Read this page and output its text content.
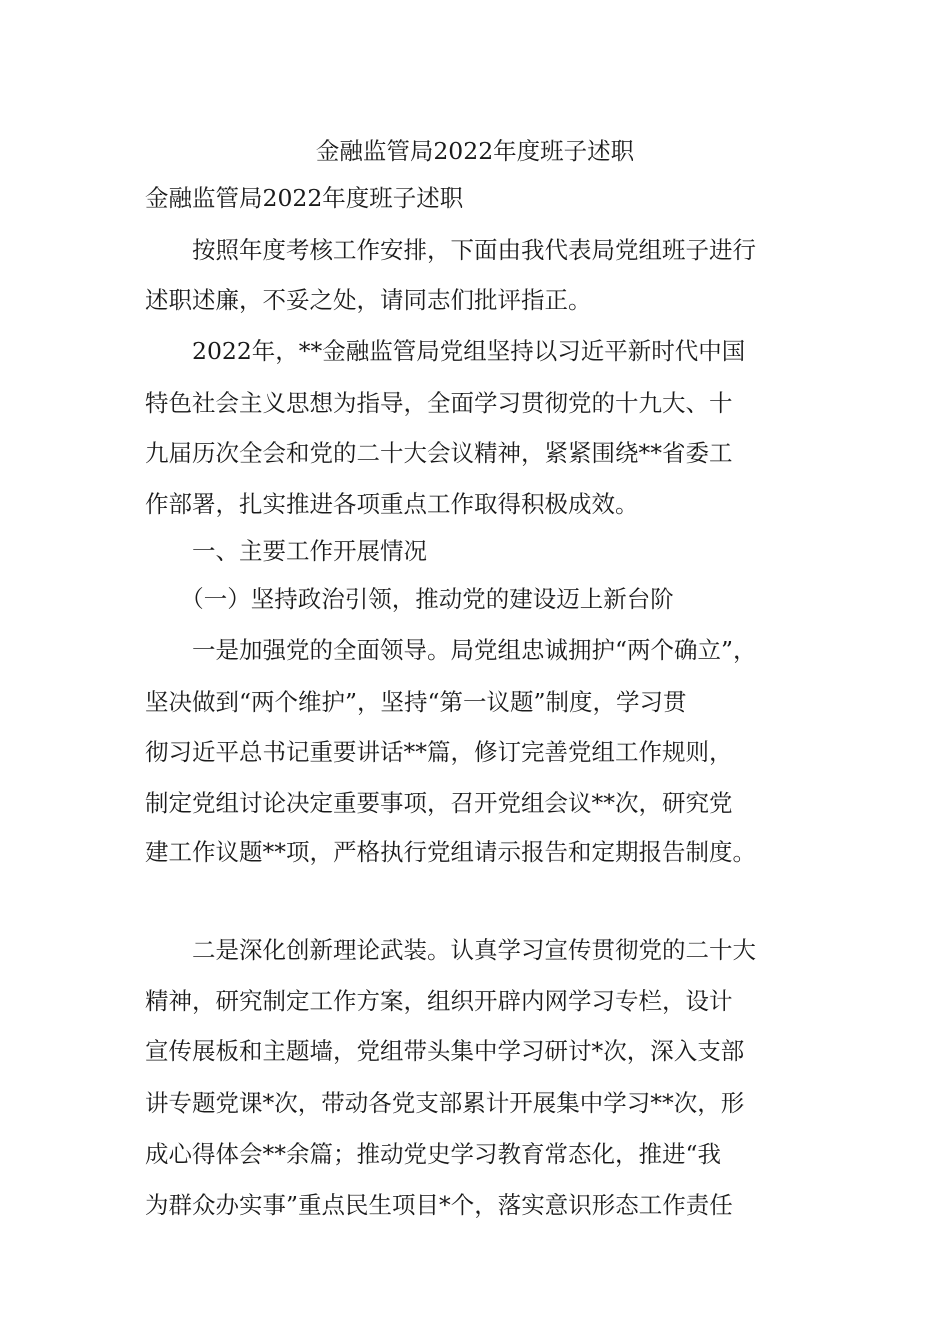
金融监管局2022年度班子述职
金融监管局2022年度班子述职
　　按照年度考核工作安排，下面由我代表局党组班子进行
述职述廉，不妥之处，请同志们批评指正。
　　2022年，**金融监管局党组坚持以习近平新时代中国
特色社会主义思想为指导，全面学习贯彻党的十九大、十
九届历次全会和党的二十大会议精神，紧紧围绕**省委工
作部署，扎实推进各项重点工作取得积极成效。
　　一、主要工作开展情况
　　（一）坚持政治引领，推动党的建设迈上新台阶
　　一是加强党的全面领导。局党组忠诚拥护“两个确立”，
坚决做到“两个维护”，坚持“第一议题”制度，学习贯
彻习近平总书记重要讲话**篇，修订完善党组工作规则，
制定党组讨论决定重要事项，召开党组会议**次，研究党
建工作议题**项，严格执行党组请示报告和定期报告制度。
　　二是深化创新理论武装。认真学习宣传贯彻党的二十大
精神，研究制定工作方案，组织开辟内网学习专栏，设计
宣传展板和主题墙，党组带头集中学习研讨*次，深入支部
讲专题党课*次，带动各党支部累计开展集中学习**次，形
成心得体会**余篇；推动党史学习教育常态化，推进“我
为群众办实事”重点民生项目*个，落实意识形态工作责任
